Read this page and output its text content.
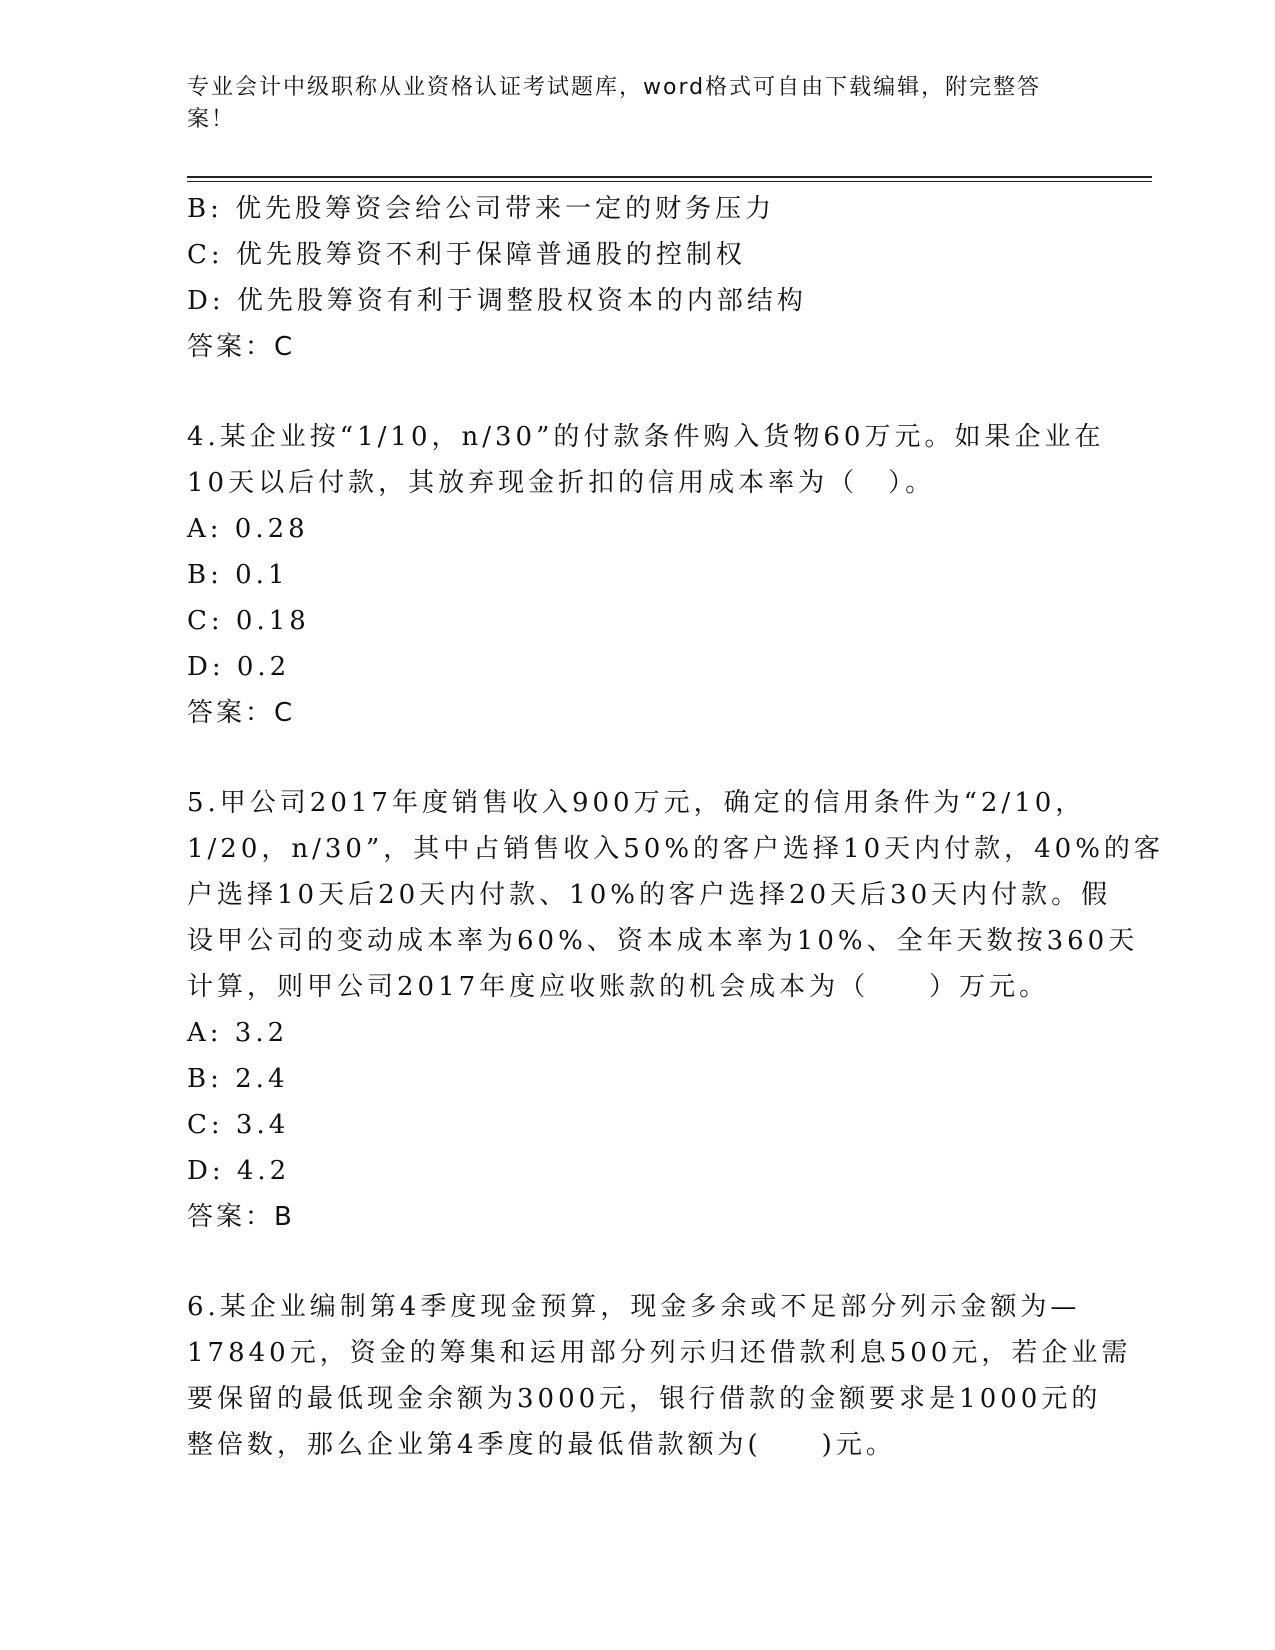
专业会计中级职称从业资格认证考试题库，word格式可自由下载编辑，附完整答
案！
B: 优先股筹资会给公司带来一定的财务压力
C: 优先股筹资不利于保障普通股的控制权
D: 优先股筹资有利于调整股权资本的内部结构
答案：C
4.某企业按“1/10，n/30”的付款条件购入货物60万元。如果企业在
10天以后付款，其放弃现金折扣的信用成本率为（　）。
A: 0.28
B: 0.1
C: 0.18
D: 0.2
答案：C
5.甲公司2017年度销售收入900万元，确定的信用条件为“2/10，
1/20，n/30”，其中占销售收入50%的客户选择10天内付款，40%的客
户选择10天后20天内付款、10%的客户选择20天后30天内付款。假
设甲公司的变动成本率为60%、资本成本率为10%、全年天数按360天
计算，则甲公司2017年度应收账款的机会成本为（　　）万元。
A: 3.2
B: 2.4
C: 3.4
D: 4.2
答案：B
6.某企业编制第4季度现金预算，现金多余或不足部分列示金额为—
17840元，资金的筹集和运用部分列示归还借款利息500元，若企业需
要保留的最低现金余额为3000元，银行借款的金额要求是1000元的
整倍数，那么企业第4季度的最低借款额为(　　)元。
